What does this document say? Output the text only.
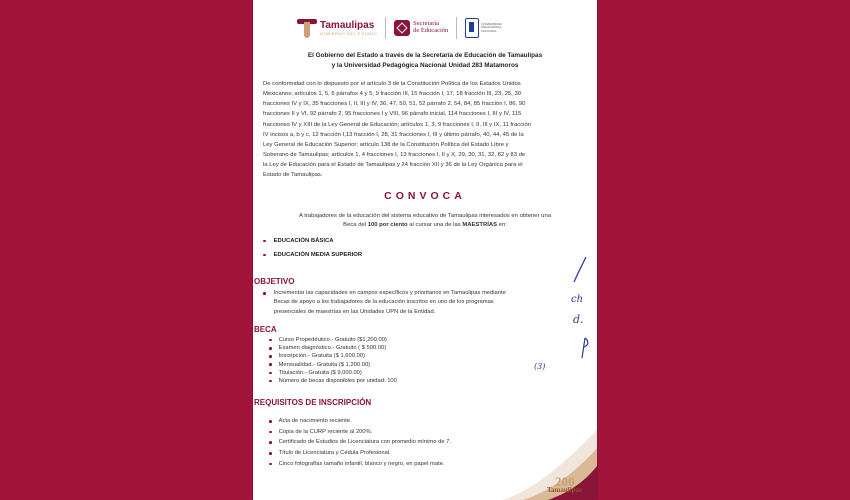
Tamaulipas
GOBIERNO DEL ESTADO
Secretaría
de Educación
UNIVERSIDAD PEDAGÓGICA NACIONAL
El Gobierno del Estado a través de la Secretaría de Educación de Tamaulipas
y la Universidad Pedagógica Nacional Unidad 283 Matamoros
De conformidad con lo dispuesto por el artículo 3 de la Constitución Política de los Estados Unidos
Mexicanos; artículos 1, 5, 6 párrafos 4 y 5, 9 fracción III, 15 fracción I, 17, 18 fracción III, 23, 25, 30
fracciones IV y IX, 35 fracciones I, II, III y IV, 36, 47, 50, 51, 52 párrafo 2, 54, 84, 85 fracción I, 86, 90
fracciones II y VI, 92 párrafo 2, 95 fracciones I y VIII, 96 párrafo inicial, 114 fracciones I, III y IV, 115
fracciones IV y XIII de la Ley General de Educación; artículos 1, 3, 9 fracciones I, II, III y IX, 11 fracción
IV incisos a, b y c, 12 fracción I,13 fracción I, 28, 31 fracciones I, III y último párrafo, 40, 44, 45 de la
Ley General de Educación Superior; artículo 138 de la Constitución Política del Estado Libre y
Soberano de Tamaulipas; artículos 1, 4 fracciones I, 13 fracciones I, II y X, 29, 30, 31, 32, 82 y 83 de
la Ley de Educación para el Estado de Tamaulipas y 24 fracción XII y 36 de la Ley Orgánica para el
Estado de Tamaulipas.
CONVOCA
A trabajadores de la educación del sistema educativo de Tamaulipas interesados en obtener una
Beca del 100 por ciento al cursar una de las MAESTRÍAS en:
EDUCACIÓN BÁSICA
EDUCACIÓN MEDIA SUPERIOR
OBJETIVO
Incrementar las capacidades en campos específicos y prioritarios en Tamaulipas mediante
Becas de apoyo a los trabajadores de la educación inscritos en uno de los programas
presenciales de maestrías en las Unidades UPN de la Entidad.
BECA
Curso Propedéutico.- Gratuito ($1,200.00)
Examen diagnóstico.- Gratuito ( $ 500.00)
Inscripción.- Gratuita ($ 1,600.00)
Mensualidad.- Gratuita ($ 1,200.00)
Titulación.- Gratuita ($ 9,000.00)
Número de becas disponibles por unidad: 100
REQUISITOS DE INSCRIPCIÓN
Acta de nacimiento reciente.
Copia de la CURP reciente al 200%.
Certificado de Estudios de Licenciatura con promedio mínimo de 7.
Título de Licenciatura y Cédula Profesional.
Cinco fotografías tamaño infantil, blanco y negro, en papel mate.
200
Tamaulipas
ch
d.
(3)
